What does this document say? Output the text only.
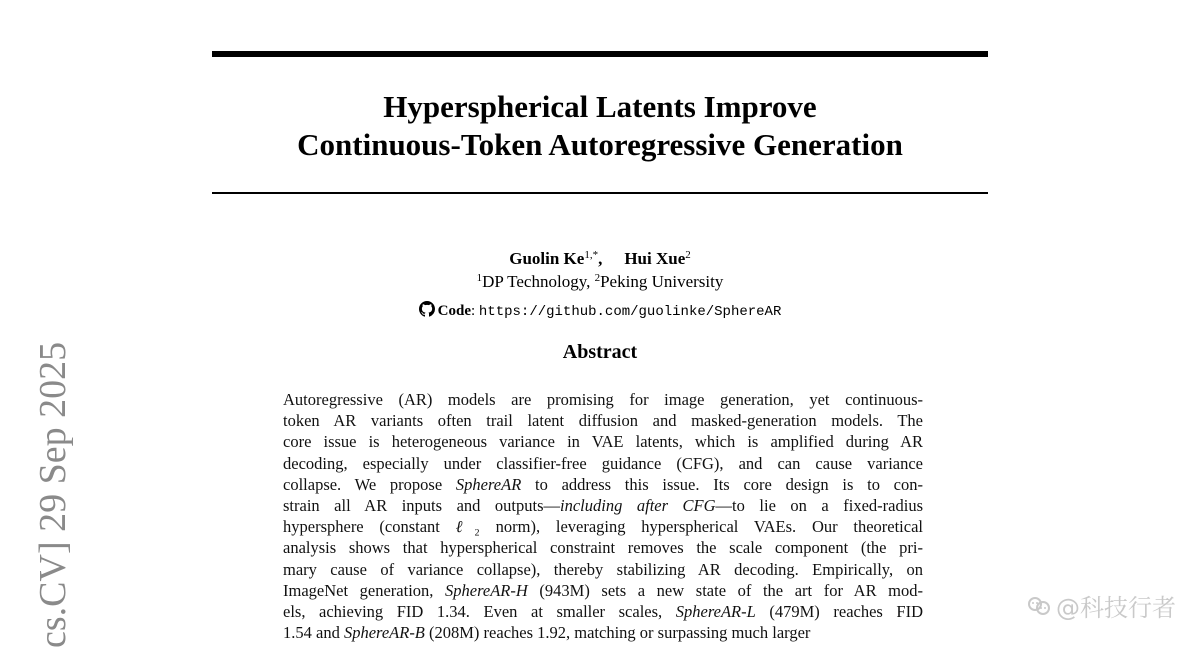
Hyperspherical Latents Improve
Continuous-Token Autoregressive Generation
Guolin $Ke^{1,*}$, Hui Xue$^2$
$^1$DP Technology, $^2$Peking University
Code: https://github.com/guolinke/SphereAR
Abstract
Autoregressive (AR) models are promising for image generation, yet continuous-
token AR variants often trail latent diffusion and masked-generation models. The
core issue is heterogeneous variance in VAE latents, which is amplified during AR
decoding, especially under classifier-free guidance (CFG), and can cause variance
collapse. We propose SphereAR to address this issue. Its core design is to con-
strain all AR inputs and outputs—including after CFG—to lie on a fixed-radius
hypersphere (constant ℓ₂ norm), leveraging hyperspherical VAEs. Our theoretical
analysis shows that hyperspherical constraint removes the scale component (the pri-
mary cause of variance collapse), thereby stabilizing AR decoding. Empirically, on
ImageNet generation, SphereAR-H (943M) sets a new state of the art for AR mod-
els, achieving FID 1.34. Even at smaller scales, SphereAR-L (479M) reaches FID
1.54 and SphereAR-B (208M) reaches 1.92, matching or surpassing much larger
cs.CV] 29 Sep 2025	@科技行者
